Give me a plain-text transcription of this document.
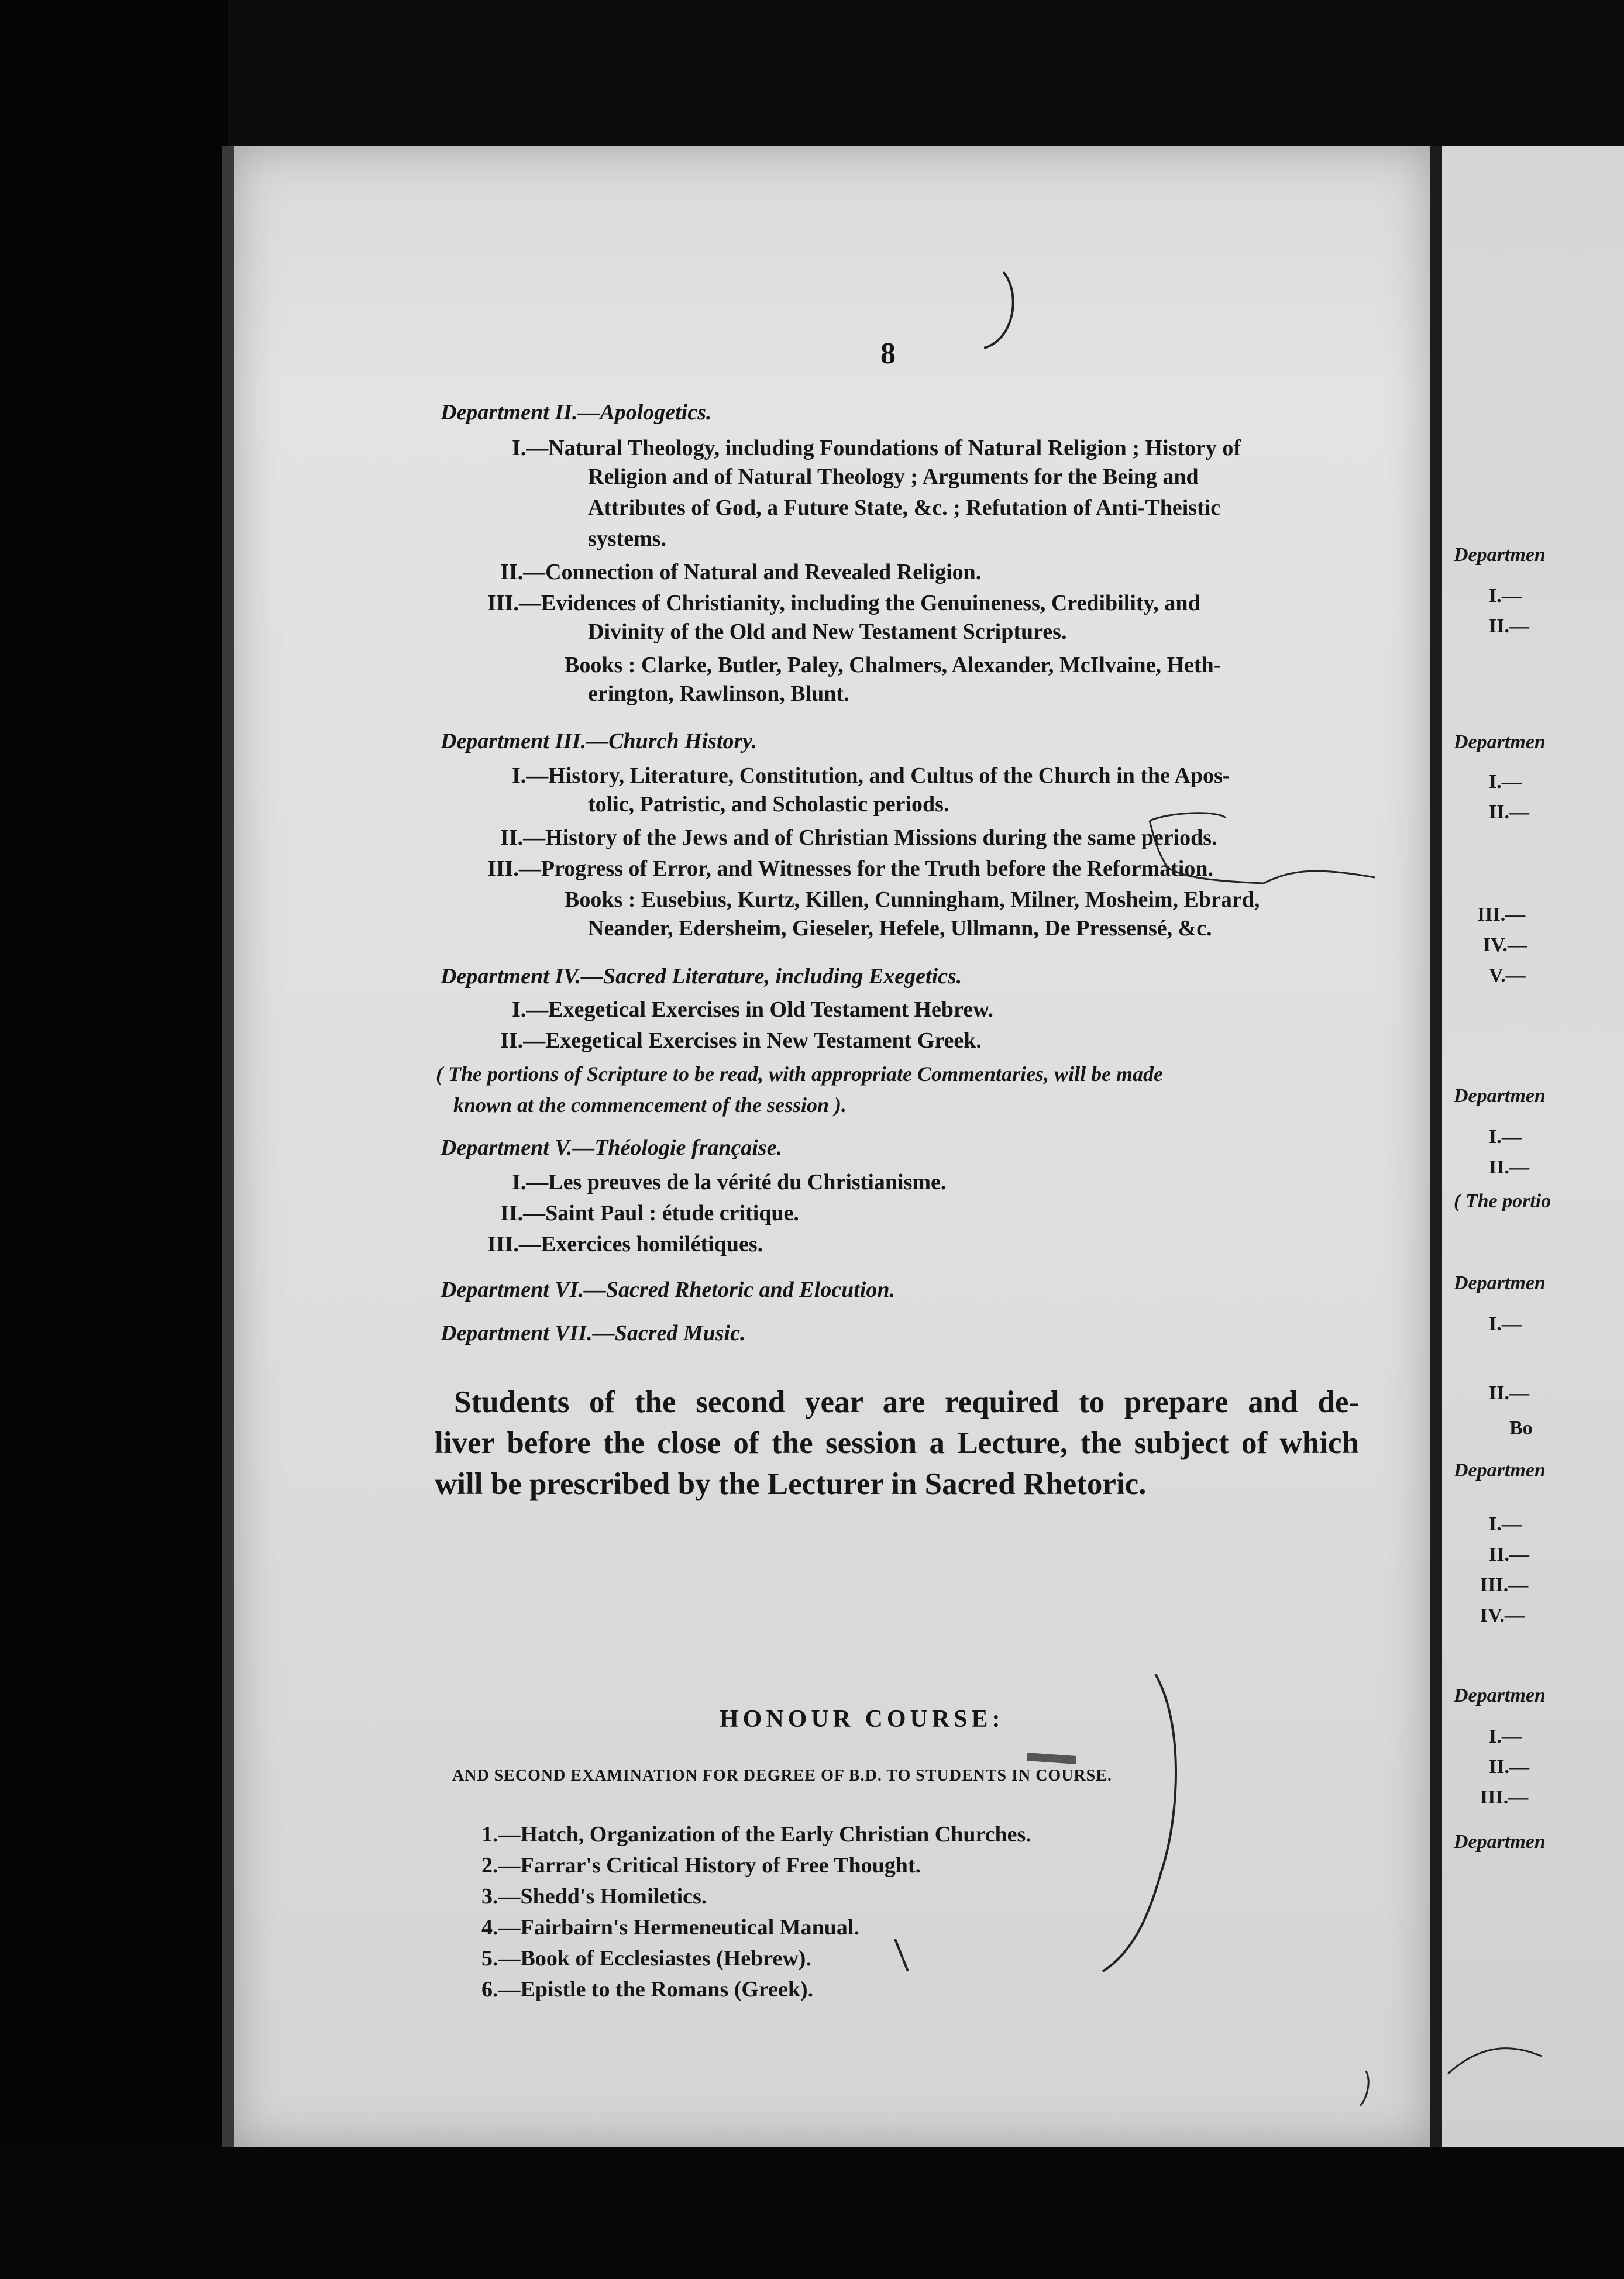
8
Department II.—Apologetics.
I.—Natural Theology, including Foundations of Natural Religion ; History of
Religion and of Natural Theology ; Arguments for the Being and
Attributes of God, a Future State, &c. ; Refutation of Anti-Theistic
systems.
II.—Connection of Natural and Revealed Religion.
III.—Evidences of Christianity, including the Genuineness, Credibility, and
Divinity of the Old and New Testament Scriptures.
Books : Clarke, Butler, Paley, Chalmers, Alexander, McIlvaine, Heth-
erington, Rawlinson, Blunt.
Department III.—Church History.
I.—History, Literature, Constitution, and Cultus of the Church in the Apos-
tolic, Patristic, and Scholastic periods.
II.—History of the Jews and of Christian Missions during the same periods.
III.—Progress of Error, and Witnesses for the Truth before the Reformation.
Books : Eusebius, Kurtz, Killen, Cunningham, Milner, Mosheim, Ebrard,
Neander, Edersheim, Gieseler, Hefele, Ullmann, De Pressensé, &c.
Department IV.—Sacred Literature, including Exegetics.
I.—Exegetical Exercises in Old Testament Hebrew.
II.—Exegetical Exercises in New Testament Greek.
( The portions of Scripture to be read, with appropriate Commentaries, will be made
known at the commencement of the session ).
Department V.—Théologie française.
I.—Les preuves de la vérité du Christianisme.
II.—Saint Paul : étude critique.
III.—Exercices homilétiques.
Department VI.—Sacred Rhetoric and Elocution.
Department VII.—Sacred Music.
Students of the second year are required to prepare and de-
liver before the close of the session a Lecture, the subject of which
will be prescribed by the Lecturer in Sacred Rhetoric.
HONOUR COURSE:
AND SECOND EXAMINATION FOR DEGREE OF B.D. TO STUDENTS IN COURSE.
1.—Hatch, Organization of the Early Christian Churches.
2.—Farrar's Critical History of Free Thought.
3.—Shedd's Homiletics.
4.—Fairbairn's Hermeneutical Manual.
5.—Book of Ecclesiastes (Hebrew).
6.—Epistle to the Romans (Greek).
Departmen
I.—
II.—
Departmen
I.—
II.—
III.—
IV.—
V.—
Departmen
I.—
II.—
( The portio
Departmen
I.—
II.—
Bo
Departmen
I.—
II.—
III.—
IV.—
Departmen
I.—
II.—
III.—
Departmen
